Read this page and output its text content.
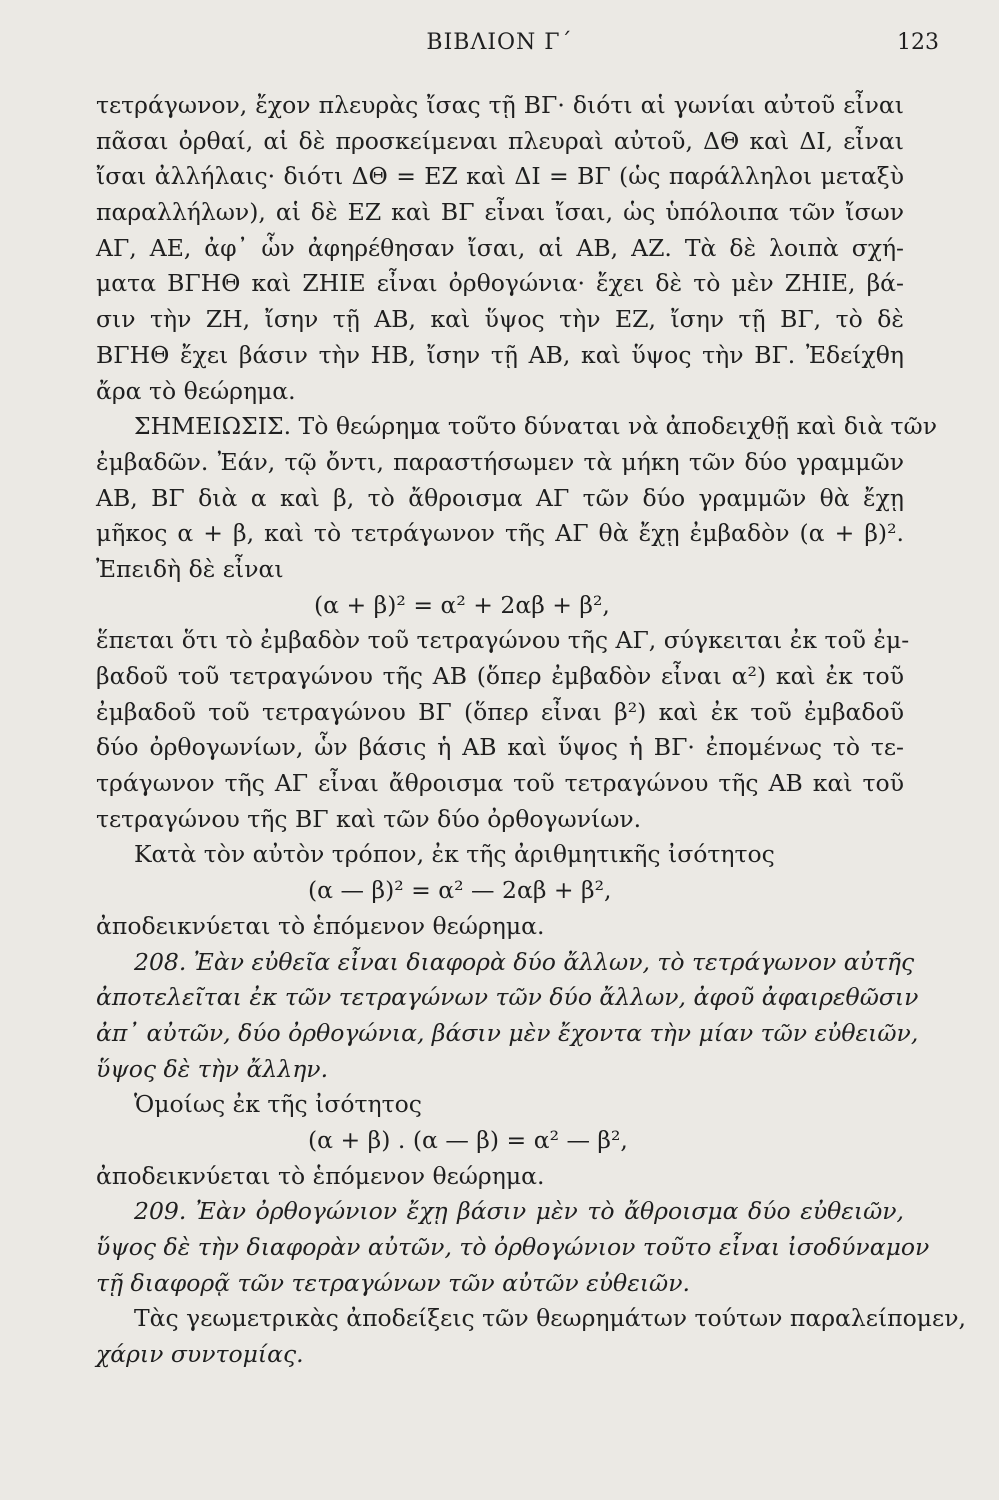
ΒΙΒΛΙΟΝ Γ΄	123
τετράγωνον, ἔχον πλευρὰς ἴσας τῇ ΒΓ· διότι αἱ γωνίαι αὐτοῦ εἶναι
πᾶσαι ὀρθαί, αἱ δὲ προσκείμεναι πλευραὶ αὐτοῦ, ΔΘ καὶ ΔΙ, εἶναι
ἴσαι ἀλλήλαις· διότι ΔΘ = ΕΖ καὶ ΔΙ = ΒΓ (ὡς παράλληλοι μεταξὺ
παραλλήλων), αἱ δὲ ΕΖ καὶ ΒΓ εἶναι ἴσαι, ὡς ὑπόλοιπα τῶν ἴσων
ΑΓ, ΑΕ, ἀφ᾽ ὧν ἀφηρέθησαν ἴσαι, αἱ ΑΒ, ΑΖ. Τὰ δὲ λοιπὰ σχή-
ματα ΒΓΗΘ καὶ ΖΗΙΕ εἶναι ὀρθογώνια· ἔχει δὲ τὸ μὲν ΖΗΙΕ, βά-
σιν τὴν ΖΗ, ἴσην τῇ ΑΒ, καὶ ὕψος τὴν ΕΖ, ἴσην τῇ ΒΓ, τὸ δὲ
ΒΓΗΘ ἔχει βάσιν τὴν ΗΒ, ἴσην τῇ ΑΒ, καὶ ὕψος τὴν ΒΓ. Ἐδείχθη
ἄρα τὸ θεώρημα.
ΣΗΜΕΙΩΣΙΣ. Τὸ θεώρημα τοῦτο δύναται νὰ ἀποδειχθῇ καὶ διὰ τῶν
ἐμβαδῶν. Ἐάν, τῷ ὄντι, παραστήσωμεν τὰ μήκη τῶν δύο γραμμῶν
ΑΒ, ΒΓ διὰ α καὶ β, τὸ ἄθροισμα ΑΓ τῶν δύο γραμμῶν θὰ ἔχῃ
μῆκος α + β, καὶ τὸ τετράγωνον τῆς ΑΓ θὰ ἔχῃ ἐμβαδὸν (α + β)².
Ἐπειδὴ δὲ εἶναι
(α + β)² = α² + 2αβ + β²,
ἕπεται ὅτι τὸ ἐμβαδὸν τοῦ τετραγώνου τῆς ΑΓ, σύγκειται ἐκ τοῦ ἐμ-
βαδοῦ τοῦ τετραγώνου τῆς ΑΒ (ὅπερ ἐμβαδὸν εἶναι α²) καὶ ἐκ τοῦ
ἐμβαδοῦ τοῦ τετραγώνου ΒΓ (ὅπερ εἶναι β²) καὶ ἐκ τοῦ ἐμβαδοῦ
δύο ὀρθογωνίων, ὧν βάσις ἡ ΑΒ καὶ ὕψος ἡ ΒΓ· ἐπομένως τὸ τε-
τράγωνον τῆς ΑΓ εἶναι ἄθροισμα τοῦ τετραγώνου τῆς ΑΒ καὶ τοῦ
τετραγώνου τῆς ΒΓ καὶ τῶν δύο ὀρθογωνίων.
Κατὰ τὸν αὐτὸν τρόπον, ἐκ τῆς ἀριθμητικῆς ἰσότητος
(α — β)² = α² — 2αβ + β²,
ἀποδεικνύεται τὸ ἑπόμενον θεώρημα.
208. Ἐὰν εὐθεῖα εἶναι διαφορὰ δύο ἄλλων, τὸ τετράγωνον αὐτῆς
ἀποτελεῖται ἐκ τῶν τετραγώνων τῶν δύο ἄλλων, ἀφοῦ ἀφαιρεθῶσιν
ἀπ᾽ αὐτῶν, δύο ὀρθογώνια, βάσιν μὲν ἔχοντα τὴν μίαν τῶν εὐθειῶν,
ὕψος δὲ τὴν ἄλλην.
Ὁμοίως ἐκ τῆς ἰσότητος
(α + β) . (α — β) = α² — β²,
ἀποδεικνύεται τὸ ἑπόμενον θεώρημα.
209. Ἐὰν ὀρθογώνιον ἔχῃ βάσιν μὲν τὸ ἄθροισμα δύο εὐθειῶν,
ὕψος δὲ τὴν διαφορὰν αὐτῶν, τὸ ὀρθογώνιον τοῦτο εἶναι ἰσοδύναμον
τῇ διαφορᾷ τῶν τετραγώνων τῶν αὐτῶν εὐθειῶν.
Τὰς γεωμετρικὰς ἀποδείξεις τῶν θεωρημάτων τούτων παραλείπομεν,
χάριν συντομίας.
